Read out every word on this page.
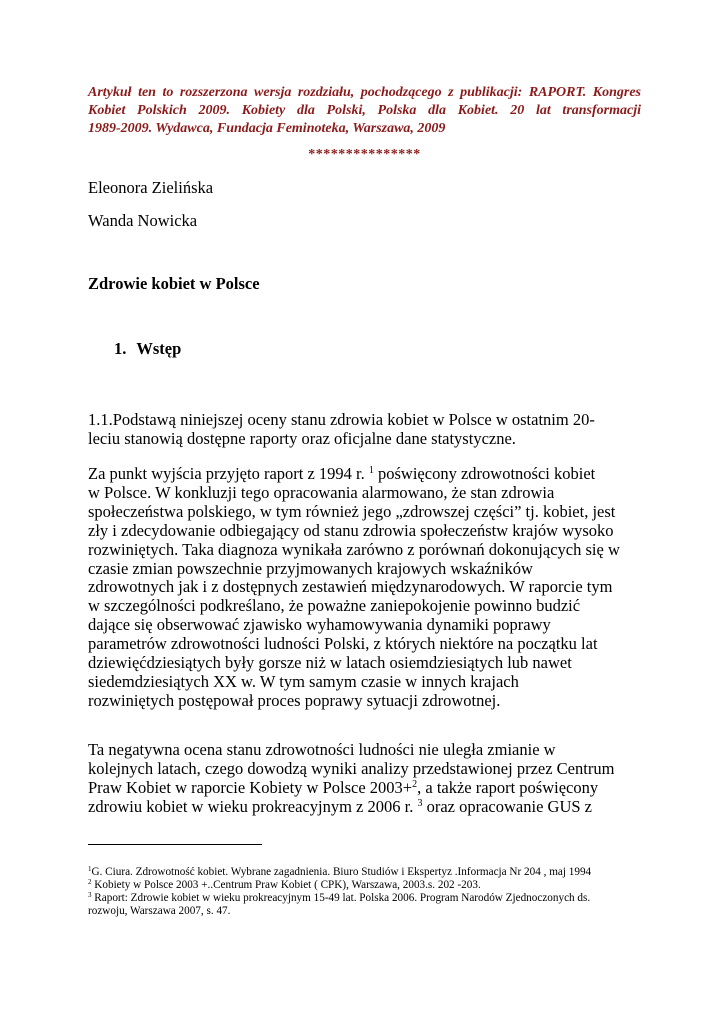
Artykuł ten to rozszerzona wersja rozdziału, pochodzącego z publikacji: RAPORT. Kongres
Kobiet Polskich 2009. Kobiety dla Polski, Polska dla Kobiet. 20 lat transformacji
1989-2009. Wydawca, Fundacja Feminoteka, Warszawa, 2009
***************
Eleonora Zielińska
Wanda Nowicka
Zdrowie kobiet w Polsce
1. Wstęp
1.1.Podstawą niniejszej oceny stanu zdrowia kobiet w Polsce w ostatnim 20-
leciu stanowią dostępne raporty oraz oficjalne dane statystyczne.
Za punkt wyjścia przyjęto raport z 1994 r. $^1$ poświęcony zdrowotności kobiet
w Polsce. W konkluzji tego opracowania alarmowano, że stan zdrowia
społeczeństwa polskiego, w tym również jego „zdrowszej części” tj. kobiet, jest
zły i zdecydowanie odbiegający od stanu zdrowia społeczeństw krajów wysoko
rozwiniętych. Taka diagnoza wynikała zarówno z porównań dokonujących się w
czasie zmian powszechnie przyjmowanych krajowych wskaźników
zdrowotnych jak i z dostępnych zestawień międzynarodowych. W raporcie tym
w szczególności podkreślano, że poważne zaniepokojenie powinno budzić
dające się obserwować zjawisko wyhamowywania dynamiki poprawy
parametrów zdrowotności ludności Polski, z których niektóre na początku lat
dziewięćdziesiątych były gorsze niż w latach osiemdziesiątych lub nawet
siedemdziesiątych XX w. W tym samym czasie w innych krajach
rozwiniętych postępował proces poprawy sytuacji zdrowotnej.
Ta negatywna ocena stanu zdrowotności ludności nie uległa zmianie w
kolejnych latach, czego dowodzą wyniki analizy przedstawionej przez Centrum
Praw Kobiet w raporcie Kobiety w Polsce 2003+$^2$, a także raport poświęcony
zdrowiu kobiet w wieku prokreacyjnym z 2006 r. $^3$ oraz opracowanie GUS z
$^1$G. Ciura. Zdrowotność kobiet. Wybrane zagadnienia. Biuro Studiów i Ekspertyz .Informacja Nr 204 , maj 1994
$^2$ Kobiety w Polsce 2003 +..Centrum Praw Kobiet ( CPK), Warszawa, 2003.s. 202 -203.
$^3$ Raport: Zdrowie kobiet w wieku prokreacyjnym 15-49 lat. Polska 2006. Program Narodów Zjednoczonych ds.
rozwoju, Warszawa 2007, s. 47.
